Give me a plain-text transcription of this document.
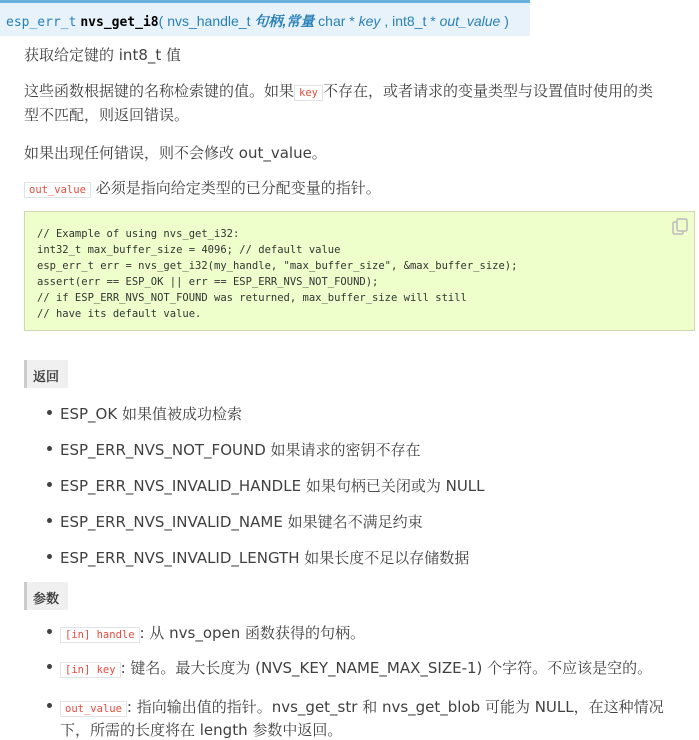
esp_err_t nvs_get_i8( nvs_handle_t 句柄,常量 char * key , int8_t * out_value )
获取给定键的 int8_t 值
这些函数根据键的名称检索键的值。如果 key 不存在，或者请求的变量类型与设置值时使用的类
型不匹配，则返回错误。
如果出现任何错误，则不会修改 out_value。
out_value 必须是指向给定类型的已分配变量的指针。
// Example of using nvs_get_i32:
int32_t max_buffer_size = 4096; // default value
esp_err_t err = nvs_get_i32(my_handle, "max_buffer_size", &max_buffer_size);
assert(err == ESP_OK || err == ESP_ERR_NVS_NOT_FOUND);
// if ESP_ERR_NVS_NOT_FOUND was returned, max_buffer_size will still
// have its default value.
返回
ESP_OK 如果值被成功检索
ESP_ERR_NVS_NOT_FOUND 如果请求的密钥不存在
ESP_ERR_NVS_INVALID_HANDLE 如果句柄已关闭或为 NULL
ESP_ERR_NVS_INVALID_NAME 如果键名不满足约束
ESP_ERR_NVS_INVALID_LENGTH 如果长度不足以存储数据
参数
[in] handle : 从 nvs_open 函数获得的句柄。
[in] key : 键名。最大长度为 (NVS_KEY_NAME_MAX_SIZE-1) 个字符。不应该是空的。
out_value : 指向输出值的指针。nvs_get_str 和 nvs_get_blob 可能为 NULL，在这种情况
下，所需的长度将在 length 参数中返回。
